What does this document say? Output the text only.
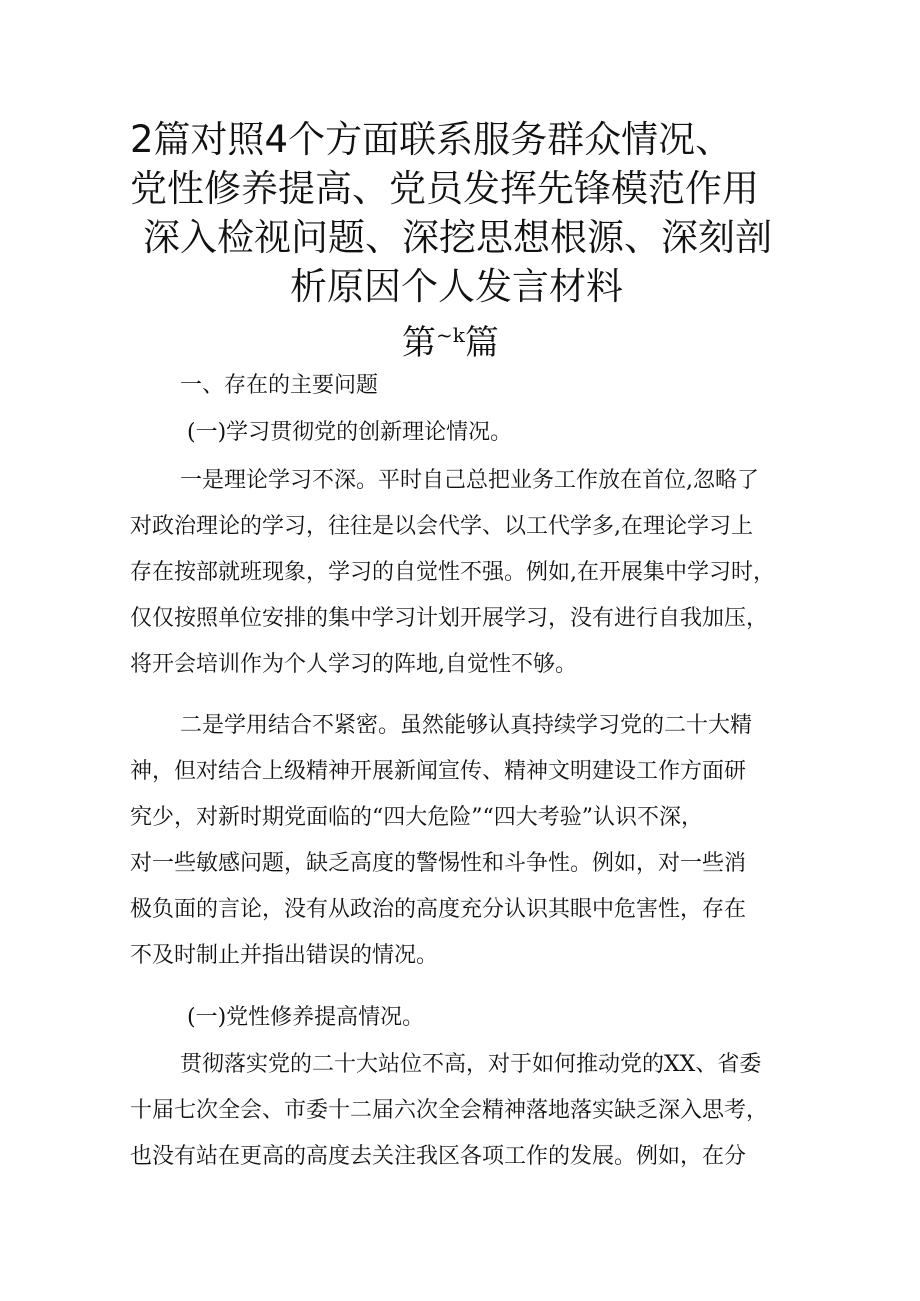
2篇对照4个方面联系服务群众情况、
党性修养提高、党员发挥先锋模范作用
深入检视问题、深挖思想根源、深刻剖
析原因个人发言材料
第$^{\sim k}$篇
一、存在的主要问题
(一)学习贯彻党的创新理论情况。
一是理论学习不深。平时自己总把业务工作放在首位,忽略了
对政治理论的学习，往往是以会代学、以工代学多,在理论学习上
存在按部就班现象，学习的自觉性不强。例如,在开展集中学习时，
仅仅按照单位安排的集中学习计划开展学习，没有进行自我加压，
将开会培训作为个人学习的阵地,自觉性不够。
二是学用结合不紧密。虽然能够认真持续学习党的二十大精
神，但对结合上级精神开展新闻宣传、精神文明建设工作方面研
究少，对新时期党面临的“四大危险”“四大考验”认识不深，
对一些敏感问题，缺乏高度的警惕性和斗争性。例如，对一些消
极负面的言论，没有从政治的高度充分认识其眼中危害性，存在
不及时制止并指出错误的情况。
(一)党性修养提高情况。
贯彻落实党的二十大站位不高，对于如何推动党的XX、省委
十届七次全会、市委十二届六次全会精神落地落实缺乏深入思考，
也没有站在更高的高度去关注我区各项工作的发展。例如，在分
